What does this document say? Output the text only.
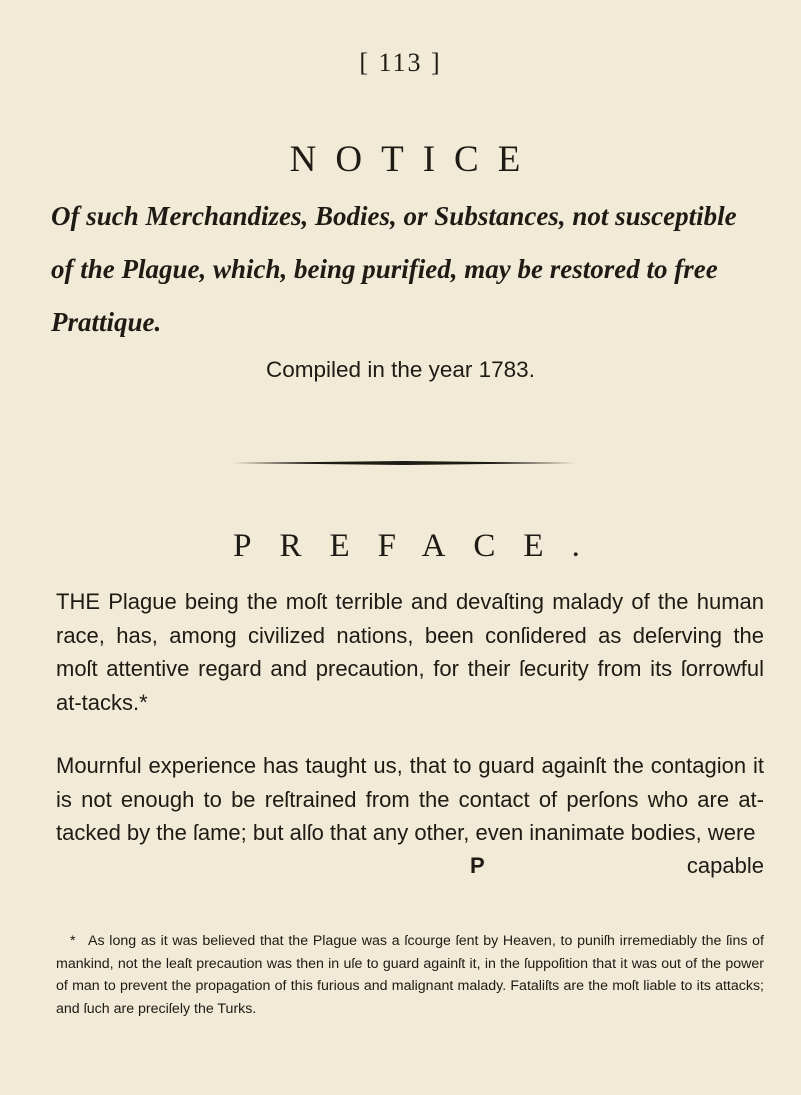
[ 113 ]
NOTICE

Of such Merchandizes, Bodies, or Substances, not susceptible of the Plague, which, being purified, may be restored to free Prattique.

Compiled in the year 1783.
PREFACE.

THE Plague being the moſt terrible and devaſting malady of the human race, has, among civilized nations, been conſidered as deſerving the moſt attentive regard and precaution, for their ſecurity from its ſorrowful at-tacks.*

Mournful experience has taught us, that to guard againſt the contagion it is not enough to be reſtrained from the contact of perſons who are at-tacked by the ſame; but alſo that any other, even inanimate bodies, were

P	capable

* As long as it was believed that the Plague was a ſcourge ſent by Heaven, to puniſh irremediably the ſins of mankind, not the leaſt precaution was then in uſe to guard againſt it, in the ſuppoſition that it was out of the power of man to prevent the propagation of this furious and malignant malady. Fataliſts are the moſt liable to its attacks; and ſuch are preciſely the Turks.
